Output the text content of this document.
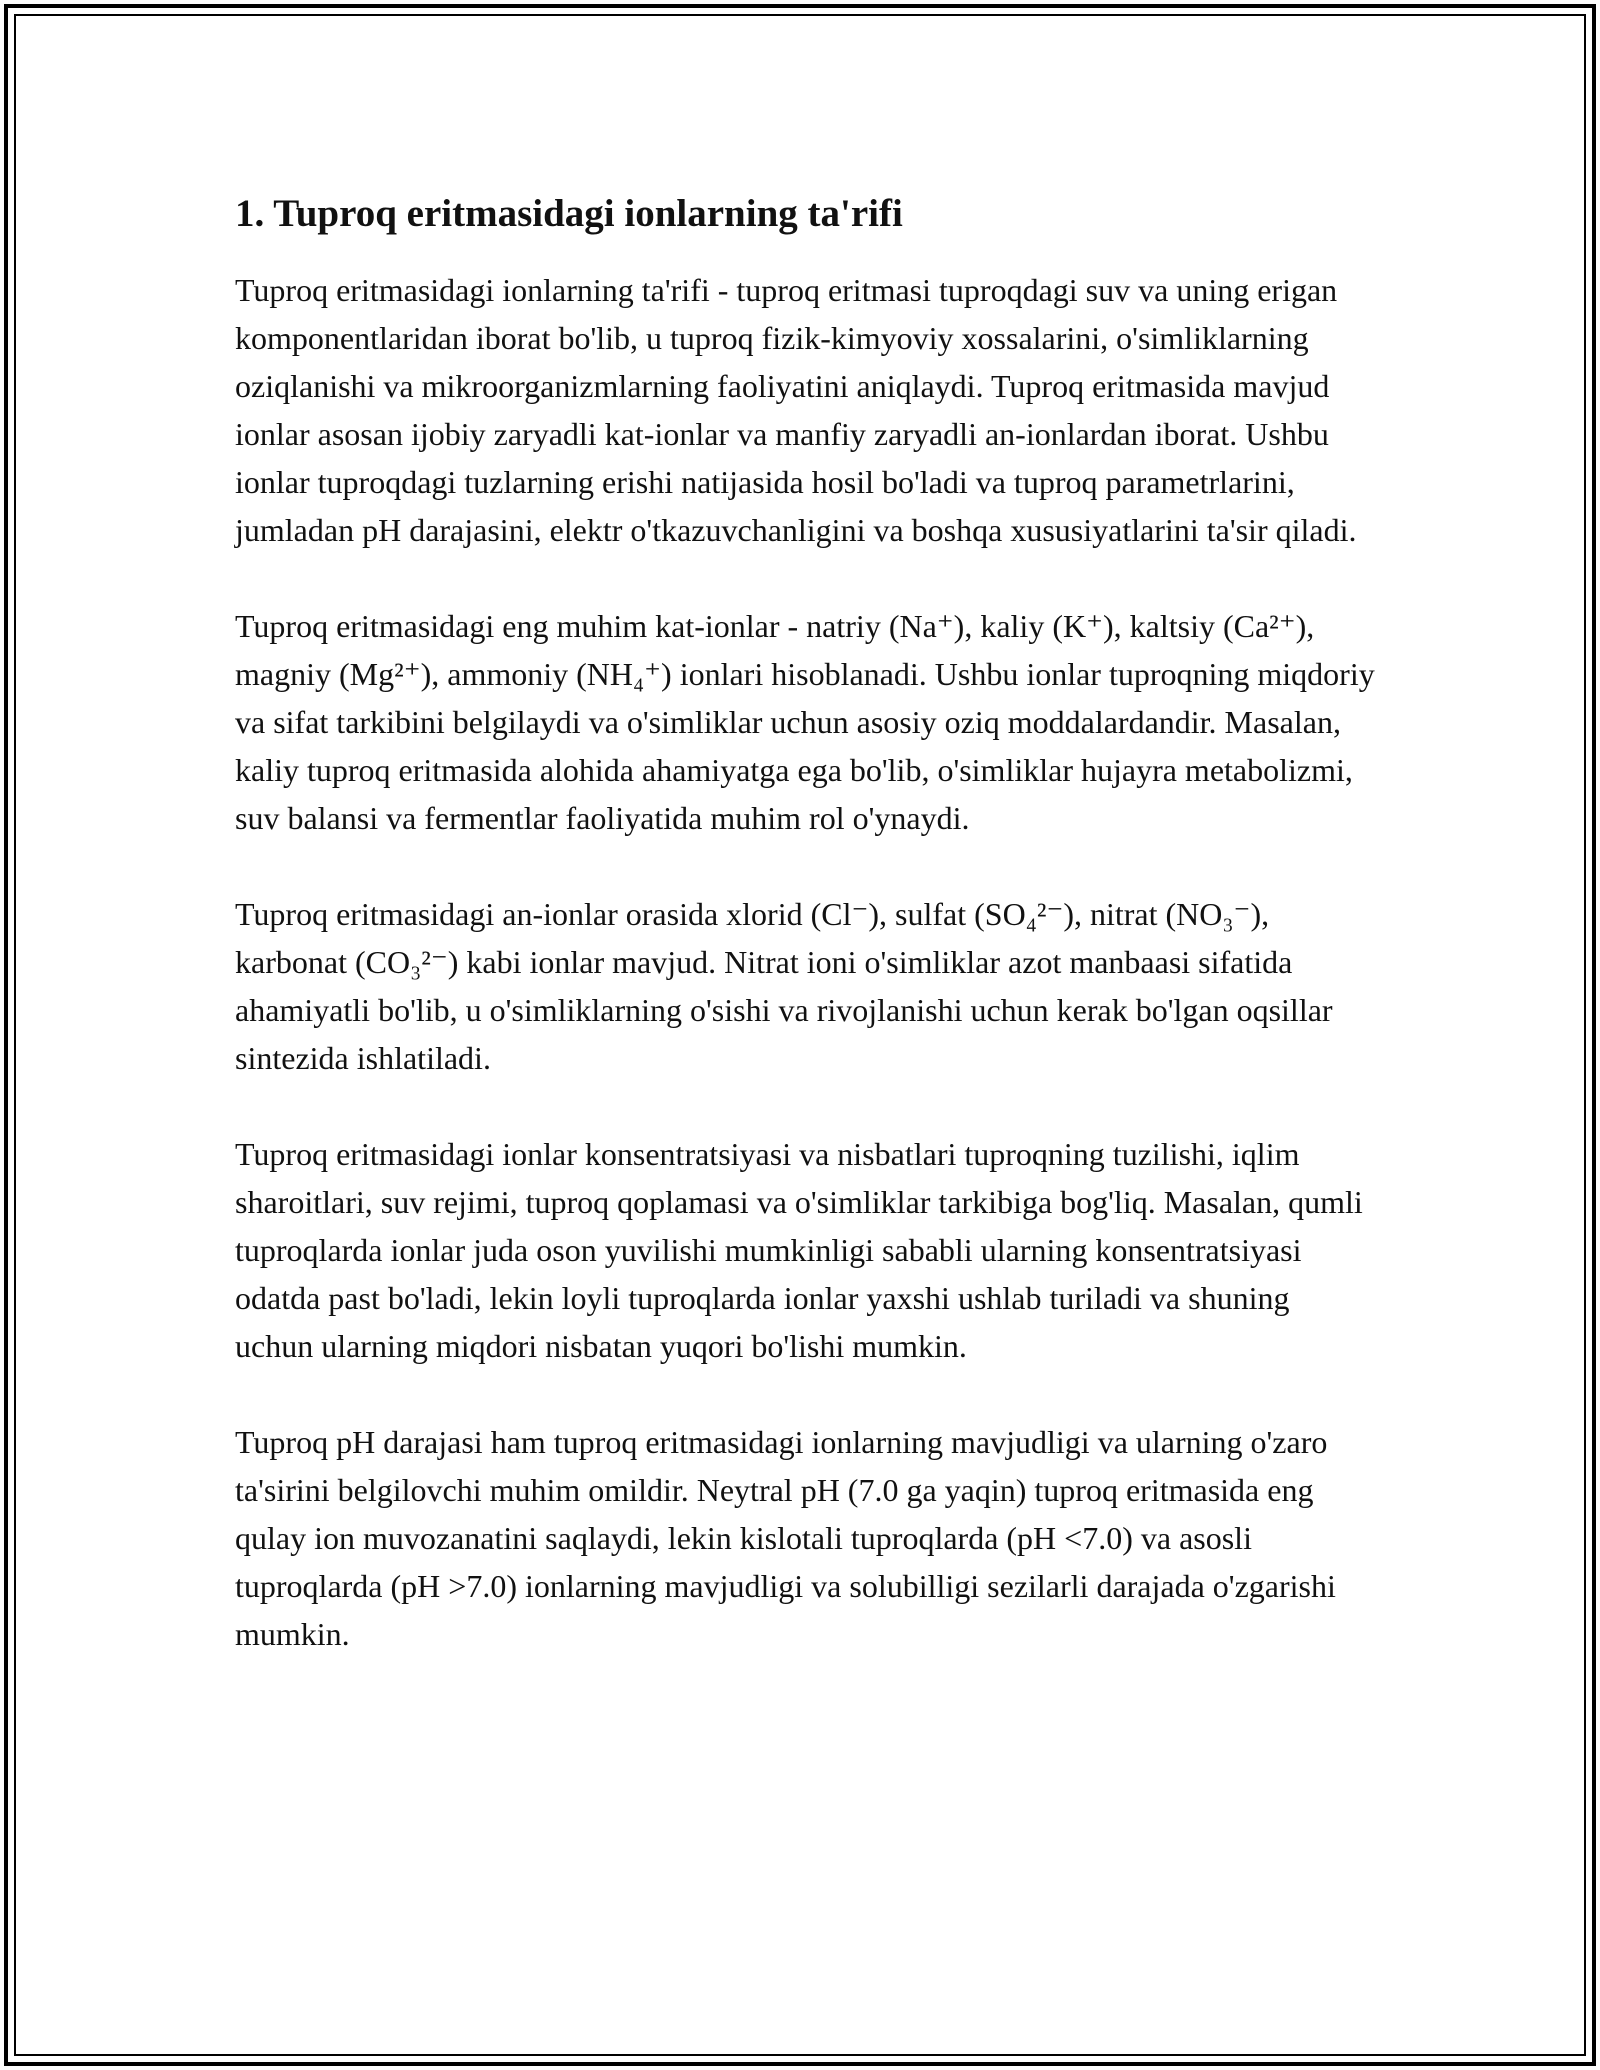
1. Tuproq eritmasidagi ionlarning ta'rifi

Tuproq eritmasidagi ionlarning ta'rifi - tuproq eritmasi tuproqdagi suv va uning erigan komponentlaridan iborat bo'lib, u tuproq fizik-kimyoviy xossalarini, o'simliklarning oziqlanishi va mikroorganizmlarning faoliyatini aniqlaydi. Tuproq eritmasida mavjud ionlar asosan ijobiy zaryadli kat-ionlar va manfiy zaryadli an-ionlardan iborat. Ushbu ionlar tuproqdagi tuzlarning erishi natijasida hosil bo'ladi va tuproq parametrlarini, jumladan pH darajasini, elektr o'tkazuvchanligini va boshqa xususiyatlarini ta'sir qiladi.

Tuproq eritmasidagi eng muhim kat-ionlar - natriy (Na⁺), kaliy (K⁺), kaltsiy (Ca²⁺), magniy (Mg²⁺), ammoniy (NH₄⁺) ionlari hisoblanadi. Ushbu ionlar tuproqning miqdoriy va sifat tarkibini belgilaydi va o'simliklar uchun asosiy oziq moddalardandir. Masalan, kaliy tuproq eritmasida alohida ahamiyatga ega bo'lib, o'simliklar hujayra metabolizmi, suv balansi va fermentlar faoliyatida muhim rol o'ynaydi.

Tuproq eritmasidagi an-ionlar orasida xlorid (Cl⁻), sulfat (SO₄²⁻), nitrat (NO₃⁻), karbonat (CO₃²⁻) kabi ionlar mavjud. Nitrat ioni o'simliklar azot manbaasi sifatida ahamiyatli bo'lib, u o'simliklarning o'sishi va rivojlanishi uchun kerak bo'lgan oqsillar sintezida ishlatiladi.

Tuproq eritmasidagi ionlar konsentratsiyasi va nisbatlari tuproqning tuzilishi, iqlim sharoitlari, suv rejimi, tuproq qoplamasi va o'simliklar tarkibiga bog'liq. Masalan, qumli tuproqlarda ionlar juda oson yuvilishi mumkinligi sababli ularning konsentratsiyasi odatda past bo'ladi, lekin loyli tuproqlarda ionlar yaxshi ushlab turiladi va shuning uchun ularning miqdori nisbatan yuqori bo'lishi mumkin.

Tuproq pH darajasi ham tuproq eritmasidagi ionlarning mavjudligi va ularning o'zaro ta'sirini belgilovchi muhim omildir. Neytral pH (7.0 ga yaqin) tuproq eritmasida eng qulay ion muvozanatini saqlaydi, lekin kislotali tuproqlarda (pH <7.0) va asosli tuproqlarda (pH >7.0) ionlarning mavjudligi va solubilligi sezilarli darajada o'zgarishi mumkin.
